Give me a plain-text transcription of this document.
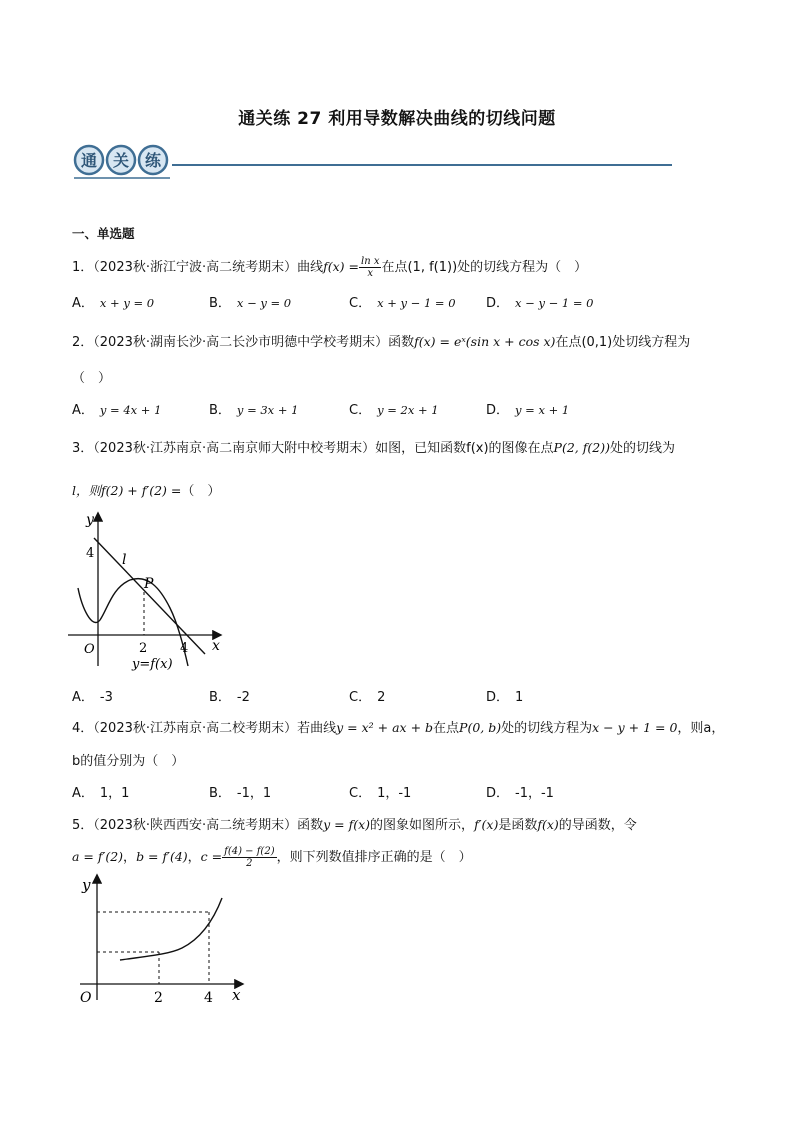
通关练 27 利用导数解决曲线的切线问题
通 关 练
一、单选题
1．（2023秋·浙江宁波·高二统考期末）曲线$f(x) = \frac{\text{ln x}}{x}$ 在点(1, f(1))处的切线方程为（　）
A． x + y = 0	B． x − y = 0	C． x + y − 1 = 0 D． x − y − 1 = 0
2．（2023秋·湖南长沙·高二长沙市明德中学校考期末）函数f(x) = eˣ(sin x + cos x)在点(0,1)处切线方程为
（　）
A． y = 4x + 1	B． y = 3x + 1	C． y = 2x + 1	D． y = x + 1
3．（2023秋·江苏南京·高二南京师大附中校考期末）如图，已知函数f(x)的图像在点P(2, f(2))处的切线为
l，则f(2) + f′(2) =（　）
y
4 l
P
O	2	4 x
y=f(x)
A． -3	B． -2	C． 2	D． 1
4．（2023秋·江苏南京·高二校考期末）若曲线y = x² + ax + b在点P(0, b)处的切线方程为x − y + 1 = 0，则a，
b的值分别为（　）
A． 1，1	B． -1，1	C． 1，-1	D． -1，-1
5．（2023秋·陕西西安·高二统考期末）函数y = f(x)的图象如图所示，f′(x)是函数f(x)的导函数，令
a = f′(2)，b = f′(4)，$c = \frac{f(4) - f(2)}{2}$ ，则下列数值排序正确的是（　）
y
O	2	4 x
